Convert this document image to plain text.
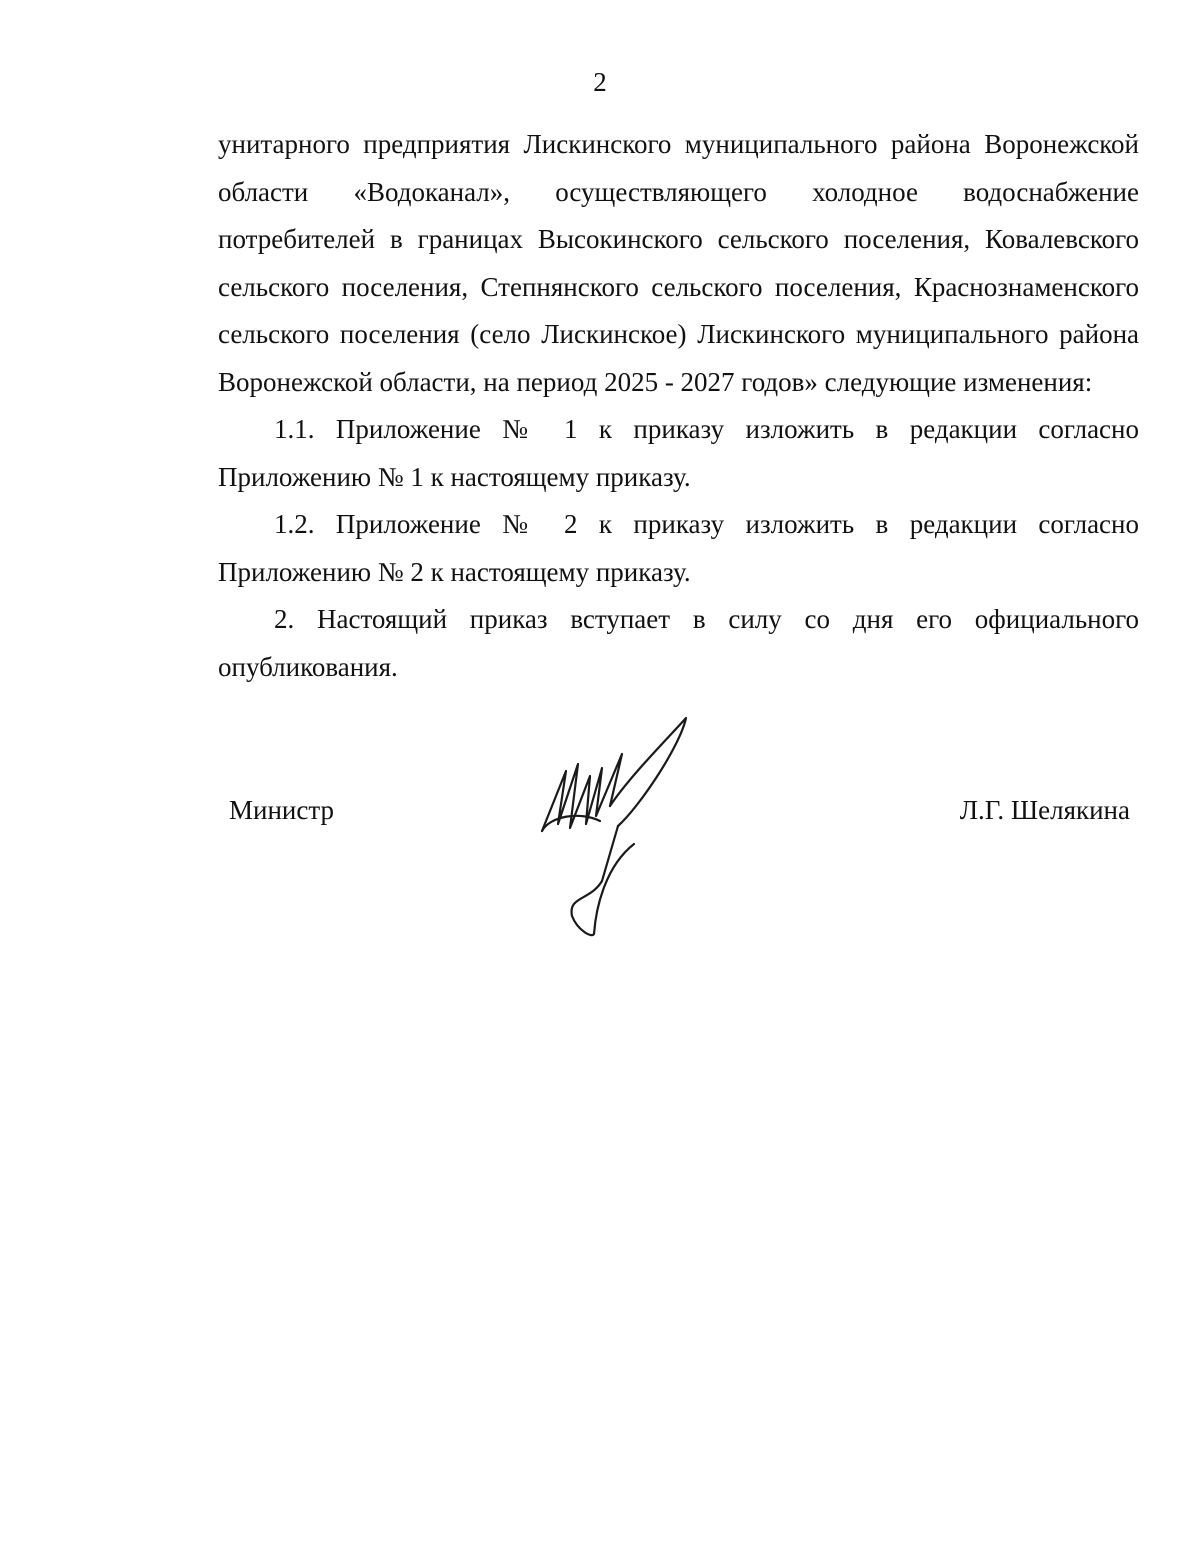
2

унитарного предприятия Лискинского муниципального района Воронежской области «Водоканал», осуществляющего холодное водоснабжение потребителей в границах Высокинского сельского поселения, Ковалевского сельского поселения, Степнянского сельского поселения, Краснознаменского сельского поселения (село Лискинское) Лискинского муниципального района Воронежской области, на период 2025 - 2027 годов» следующие изменения:

1.1. Приложение № 1 к приказу изложить в редакции согласно Приложению № 1 к настоящему приказу.

1.2. Приложение № 2 к приказу изложить в редакции согласно Приложению № 2 к настоящему приказу.

2. Настоящий приказ вступает в силу со дня его официального опубликования.

Министр	Л.Г. Шелякина
